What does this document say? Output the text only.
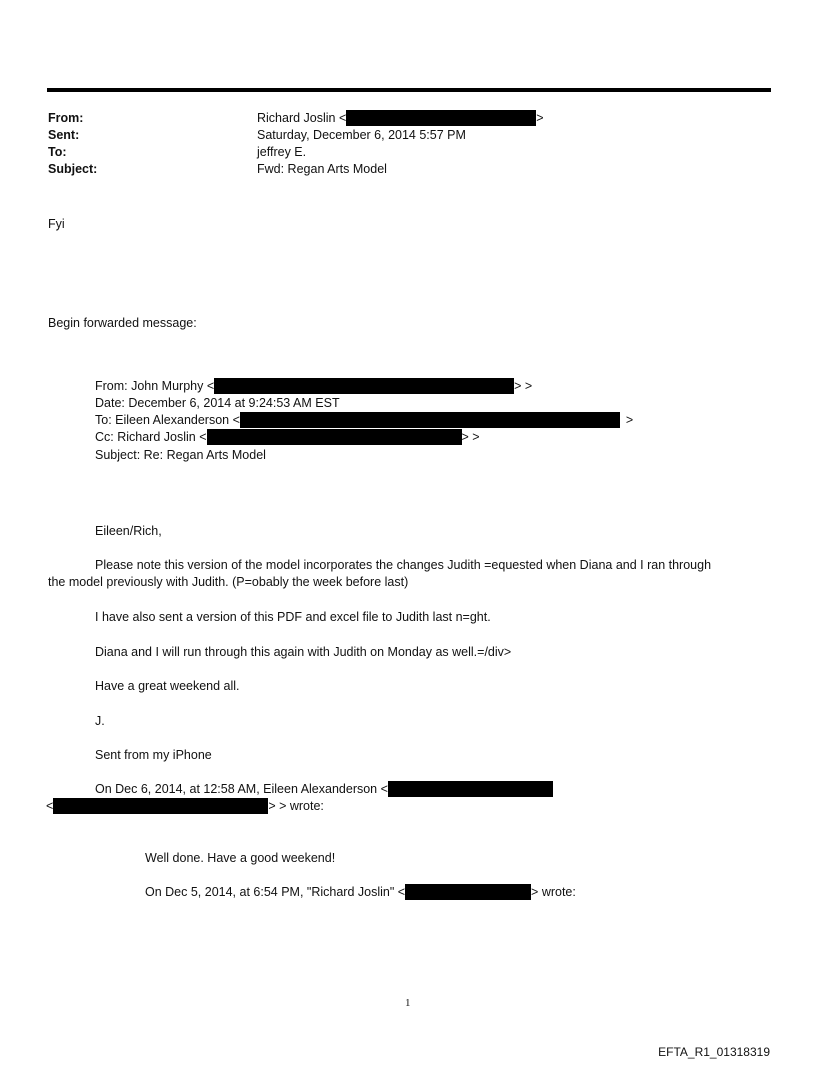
From:	Richard Joslin <	>
Sent:	Saturday, December 6, 2014 5:57 PM
To:	jeffrey E.
Subject:	Fwd: Regan Arts Model
Fyi
Begin forwarded message:
From: John Murphy <	> >
Date: December 6, 2014 at 9:24:53 AM EST
To: Eileen Alexanderson <	>
Cc: Richard Joslin <	> >
Subject: Re: Regan Arts Model
Eileen/Rich,
Please note this version of the model incorporates the changes Judith =equested when Diana and I ran through
the model previously with Judith. (P=obably the week before last)
I have also sent a version of this PDF and excel file to Judith last n=ght.
Diana and I will run through this again with Judith on Monday as well.=/div>
Have a great weekend all.
J.
Sent from my iPhone
On Dec 6, 2014, at 12:58 AM, Eileen Alexanderson <
<	> > wrote:
Well done. Have a good weekend!
On Dec 5, 2014, at 6:54 PM, "Richard Joslin" <	> wrote:
1
EFTA_R1_01318319
